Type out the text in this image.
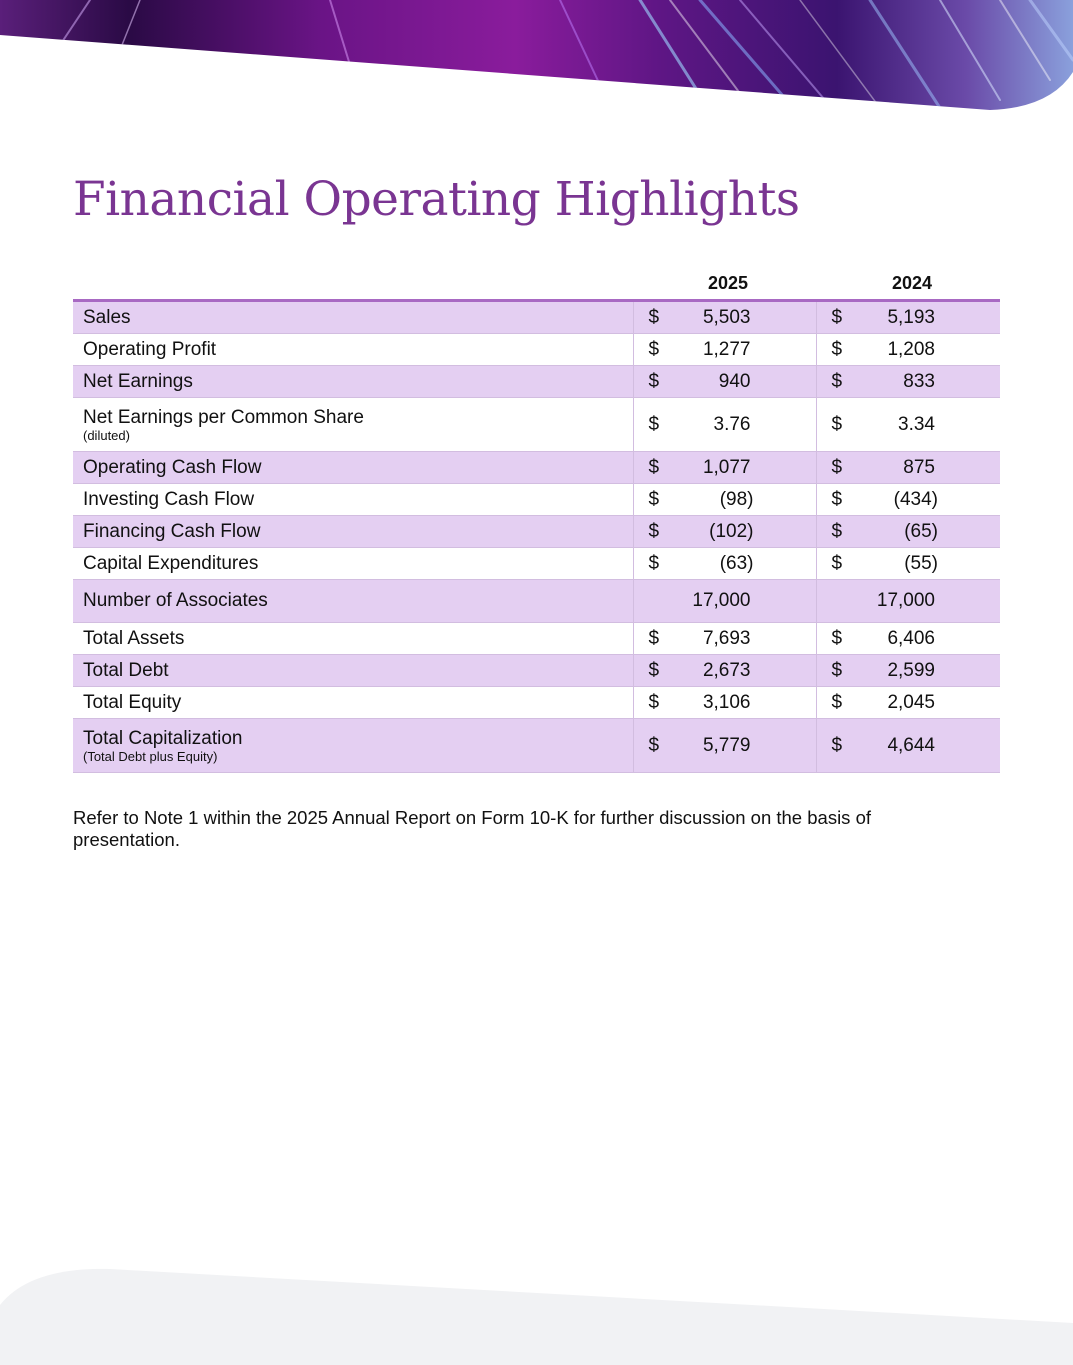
Financial Operating Highlights
	2025	2024

Sales	$ 5,503	$ 5,193

Operating Profit	$ 1,277	$ 1,208

Net Earnings	$ 940	$ 833

Net Earnings per Common Share
(diluted)	$ 3.76	$ 3.34

Operating Cash Flow	$ 1,077	$ 875

Investing Cash Flow	$ (98)	$ (434)

Financing Cash Flow	$ (102)	$ (65)

Capital Expenditures	$ (63)	$ (55)

Number of Associates	17,000	17,000

Total Assets	$ 7,693	$ 6,406

Total Debt	$ 2,673	$ 2,599

Total Equity	$ 3,106	$ 2,045

Total Capitalization
(Total Debt plus Equity)	$ 5,779	$ 4,644

Refer to Note 1 within the 2025 Annual Report on Form 10-K for further discussion on the basis of presentation.
